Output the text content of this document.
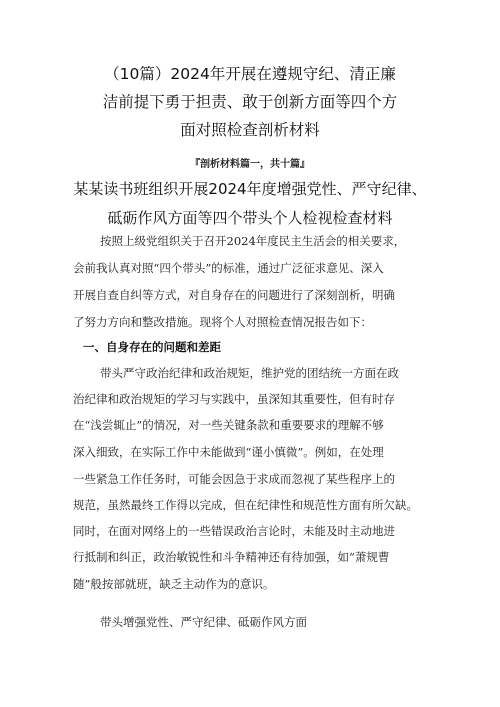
（10篇）2024年开展在遵规守纪、清正廉
洁前提下勇于担责、敢于创新方面等四个方
面对照检查剖析材料
『剖析材料篇一，共十篇』
某某读书班组织开展2024年度增强党性、严守纪律、
砥砺作风方面等四个带头个人检视检查材料
按照上级党组织关于召开2024年度民主生活会的相关要求，
会前我认真对照“四个带头”的标准，通过广泛征求意见、深入
开展自查自纠等方式，对自身存在的问题进行了深刻剖析，明确
了努力方向和整改措施。现将个人对照检查情况报告如下：
一、自身存在的问题和差距
带头严守政治纪律和政治规矩，维护党的团结统一方面在政
治纪律和政治规矩的学习与实践中，虽深知其重要性，但有时存
在“浅尝辄止”的情况，对一些关键条款和重要要求的理解不够
深入细致，在实际工作中未能做到“谨小慎微”。例如，在处理
一些紧急工作任务时，可能会因急于求成而忽视了某些程序上的
规范，虽然最终工作得以完成，但在纪律性和规范性方面有所欠缺。
同时，在面对网络上的一些错误政治言论时，未能及时主动地进
行抵制和纠正，政治敏锐性和斗争精神还有待加强，如“萧规曹
随”般按部就班，缺乏主动作为的意识。
带头增强党性、严守纪律、砥砺作风方面
